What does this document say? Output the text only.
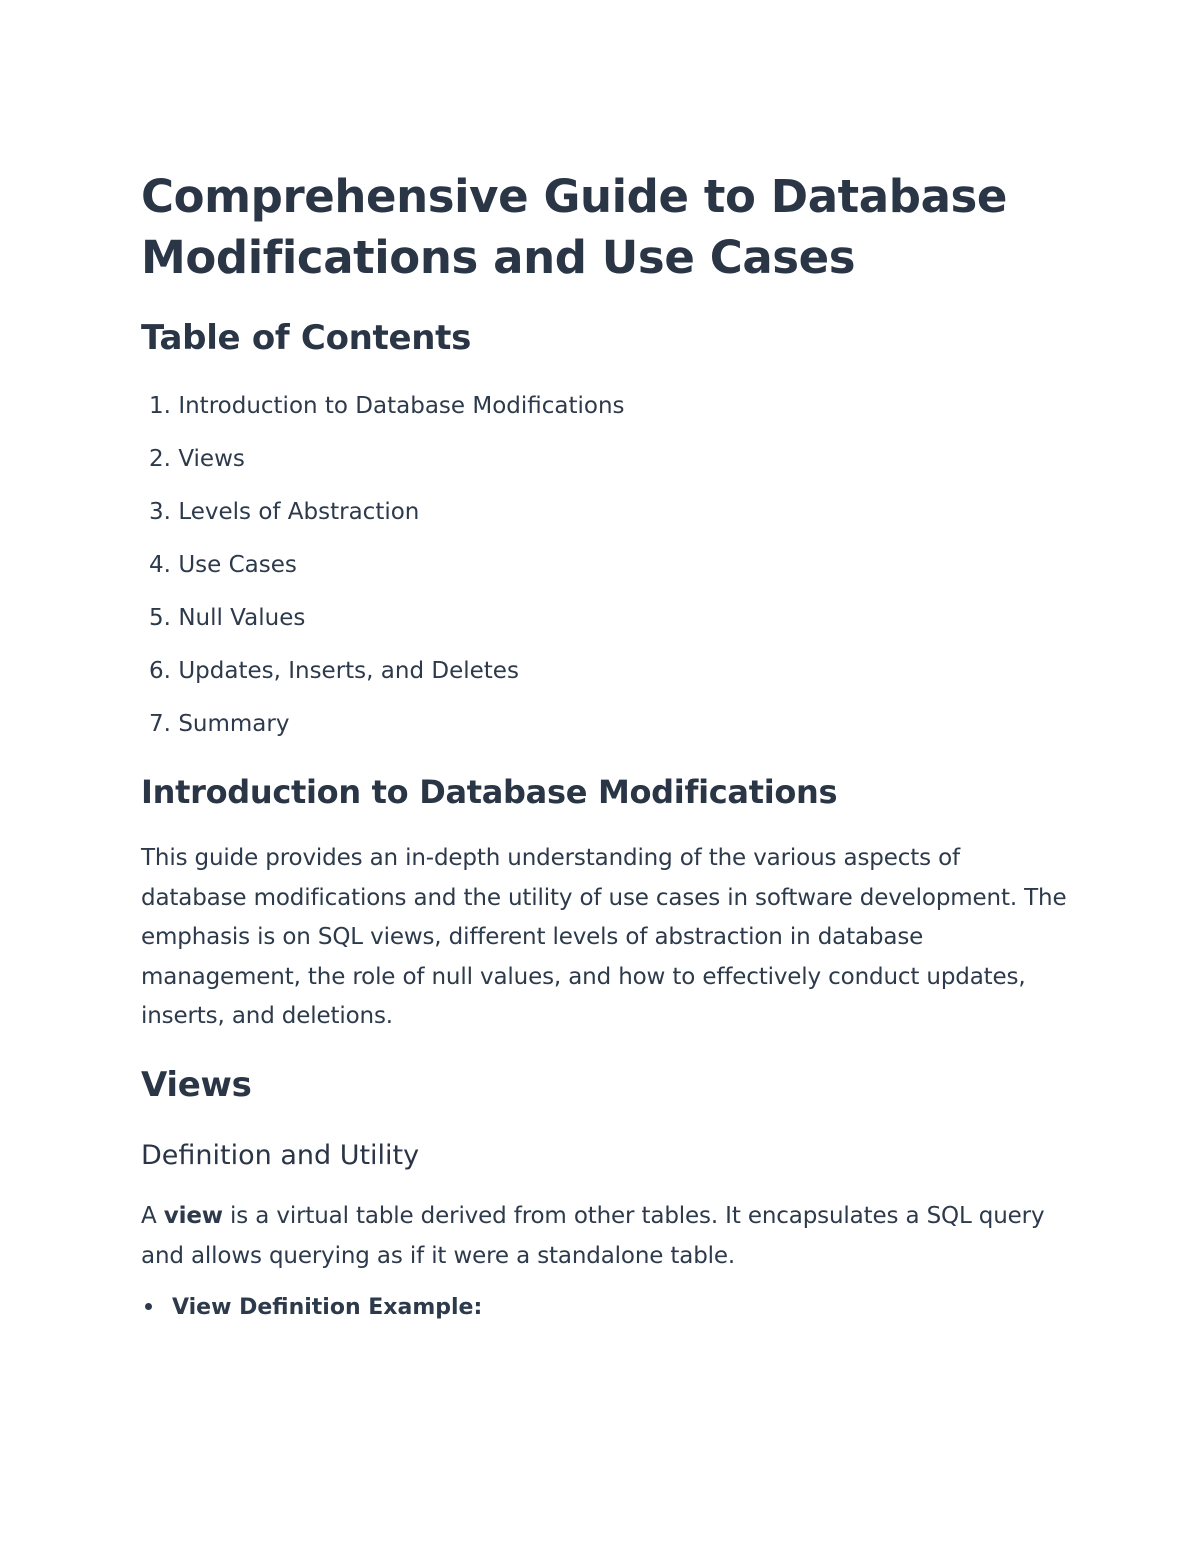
Comprehensive Guide to Database Modifications and Use Cases
Table of Contents
1. Introduction to Database Modifications
2. Views
3. Levels of Abstraction
4. Use Cases
5. Null Values
6. Updates, Inserts, and Deletes
7. Summary
Introduction to Database Modifications

This guide provides an in-depth understanding of the various aspects of database modifications and the utility of use cases in software development. The emphasis is on SQL views, different levels of abstraction in database management, the role of null values, and how to effectively conduct updates, inserts, and deletions.

Views
Definition and Utility

A view is a virtual table derived from other tables. It encapsulates a SQL query and allows querying as if it were a standalone table.

View Definition Example:
